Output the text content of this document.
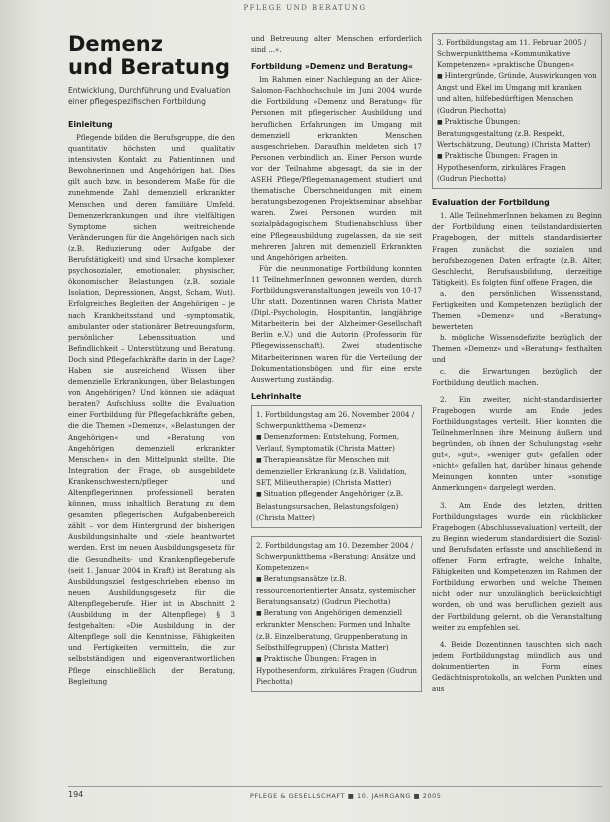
PFLEGE UND BERATUNG
Demenz
und Beratung
Entwicklung, Durchführung und Evaluation einer pflegespezifischen Fortbildung
Einleitung

Pflegende bilden die Berufsgruppe, die den quantitativ höchsten und qualitativ intensivsten Kontakt zu Patientinnen und Bewohnerinnen und Angehörigen hat. Dies gilt auch bzw. in besonderem Maße für die zunehmende Zahl demenziell erkrankter Menschen und deren familiäre Umfeld. Demenzerkrankungen und ihre vielfältigen Symptome sichen weitreichende Veränderungen für die Angehörigen nach sich (z.B. Reduzierung oder Aufgabe der Berufstätigkeit) und sind Ursache komplexer psychosozialer, emotionaler, physischer, ökonomischer Belastungen (z.B. soziale Isolation, Depressionen, Angst, Scham, Wut). Erfolgreiches Begleiten der Angehörigen – je nach Krankheitsstand und -symptomatik, ambulanter oder stationärer Betreuungsform, persönlicher Lebenssituation und Befindlichkeit – Unterstützung und Beratung. Doch sind Pflegefachkräfte darin in der Lage? Haben sie ausreichend Wissen über demenzielle Erkrankungen, über Belastungen von Angehörigen? Und können sie adäquat beraten? Aufschluss sollte die Evaluation einer Fortbildung für Pflegefachkräfte geben, die die Themen »Demenz«, »Belastungen der Angehörigen« und »Beratung von Angehörigen demenziell erkrankter Menschen« in den Mittelpunkt stellte. Die Integration der Frage, ob ausgebildete Krankenschwestern/pfleger und Altenpflegerinnen professionell beraten können, muss inhaltlich Beratung zu dem gesamten pflegerischen Aufgabenbereich zählt – vor dem Hintergrund der bisherigen Ausbildungsinhalte und -ziele beantwortet werden. Erst im neuen Ausbildungsgesetz für die Gesundheits- und Krankenpflegeberufe (seit 1. Januar 2004 in Kraft) ist Beratung als Ausbildungsziel festgeschrieben ebenso im neuen Ausbildungsgesetz für die Altenpflegeberufe. Hier ist in Abschnitt 2 (Ausbildung in der Altenpflege) § 3 festgehalten: »Die Ausbildung in der Altenpflege soll die Kenntnisse, Fähigkeiten und Fertigkeiten vermitteln, die zur selbstständigen und eigenverantwortlichen Pflege einschließlich der Beratung, Begleitung

und Betreuung alter Menschen erforderlich sind ...«.

Fortbildung »Demenz und Beratung«

Im Rahmen einer Nachlegung an der Alice-Salomon-Fachhochschule im Juni 2004 wurde die Fortbildung »Demenz und Beratung« für Personen mit pflegerischer Ausbildung und beruflichen Erfahrungen im Umgang mit demenziell erkrankten Menschen ausgeschrieben. Daraufhin meldeten sich 17 Personen verbindlich an. Einer Person wurde vor der Teilnahme abgesagt, da sie in der ASEH Pflege/Pflegemanagement studiert und thematische Überschneidungen mit einem beratungsbezogenen Projektseminar absehbar waren. Zwei Personen wurden mit sozialpädagogischem Studienabschluss über eine Pflegeausbildung zugelassen, da sie seit mehreren Jahren mit demenziell Erkrankten und Angehörigen arbeiten.

Für die neunmonatige Fortbildung konnten 11 TeilnehmerInnen gewonnen werden, durch Fortbildungsveranstaltungen jeweils von 10-17 Uhr statt. Dozentinnen waren Christa Matter (Dipl.-Psychologin, Hospitantin, langjährige Mitarbeiterin bei der Alzheimer-Gesellschaft Berlin e.V.) und die Autorin (Professorin für Pflegewissenschaft). Zwei studentische Mitarbeiterinnen waren für die Verteilung der Dokumentationsbögen und für eine erste Auswertung zuständig.

Lehrinhalte
1. Fortbildungstag am 26. November 2004 / Schwerpunktthema »Demenz«
■ Demenzformen: Entstehung, Formen, Verlauf, Symptomatik (Christa Matter)
■ Therapieansätze für Menschen mit demenzieller Erkrankung (z.B. Validation, SET, Milieutherapie) (Christa Matter)
■ Situation pflegender Angehöriger (z.B. Belastungsursachen, Belastungsfolgen) (Christa Matter)
2. Fortbildungstag am 10. Dezember 2004 / Schwerpunktthema »Beratung: Ansätze und Kompetenzen«
■ Beratungsansätze (z.B. ressourcenorientierter Ansatz, systemischer Beratungsansatz) (Gudrun Piechotta)
■ Beratung von Angehörigen demenziell erkrankter Menschen: Formen und Inhalte (z.B. Einzelberatung, Gruppenberatung in Selbsthilfegruppen) (Christa Matter)
■ Praktische Übungen: Fragen in Hypothesenform, zirkuläres Fragen (Gudrun Piechotta)
3. Fortbildungstag am 11. Februar 2005 / Schwerpunktthema »Kommunikative Kompetenzen« »praktische Übungen«
■ Hintergründe, Gründe, Auswirkungen von Angst und Ekel im Umgang mit kranken und alten, hilfebedürftigen Menschen (Gudrun Piechotta)
■ Praktische Übungen: Beratungsgestaltung (z.B. Respekt, Wertschätzung, Deutung) (Christa Matter)
■ Praktische Übungen: Fragen in Hypothesenform, zirkuläres Fragen (Gudrun Piechotta)
Evaluation der Fortbildung

1. Alle TeilnehmerInnen bekamen zu Beginn der Fortbildung einen teilstandardisierten Fragebogen, der mittels standardisierter Fragen zunächst die sozialen und berufsbezogenen Daten erfragte (z.B. Alter, Geschlecht, Berufsausbildung, derzeitige Tätigkeit). Es folgten fünf offene Fragen, die

a. den persönlichen Wissensstand, Fertigkeiten und Kompetenzen bezüglich der Themen »Demenz« und »Beratung« bewerteten

b. mögliche Wissensdefizite bezüglich der Themen »Demenz« und »Beratung« festhalten und

c. die Erwartungen bezüglich der Fortbildung deutlich machen.

2. Ein zweiter, nicht-standardisierter Fragebogen wurde am Ende jedes Fortbildungstages verteilt. Hier konnten die TeilnehmerInnen ihre Meinung äußern und begründen, ob ihnen der Schulungstag »sehr gut«, »gut«, »weniger gut« gefallen oder »nicht« gefallen hat, darüber hinaus gehende Meinungen konnten unter »sonstige Anmerkungen« dargelegt werden.

3. Am Ende des letzten, dritten Fortbildungstages wurde ein rückblicker Fragebogen (Abschlussevaluation) verteilt, der zu Beginn wiederum standardisiert die Sozial- und Berufsdaten erfasste und anschließend in offener Form erfragte, welche Inhalte, Fähigkeiten und Kompetenzen im Rahmen der Fortbildung erworben und welche Themen nicht oder nur unzulänglich berücksichtigt worden, ob und was beruflichen gezielt aus der Fortbildung gelernt, ob die Veranstaltung weiter zu empfehlen sei.

4. Beide Dozentinnen tauschten sich nach jedem Fortbildungstag mündlich aus und dokumentierten in Form eines Gedächtnisprotokolls, an welchen Punkten und aus

194	PFLEGE & GESELLSCHAFT ■ 10. JAHRGANG ■ 2005
